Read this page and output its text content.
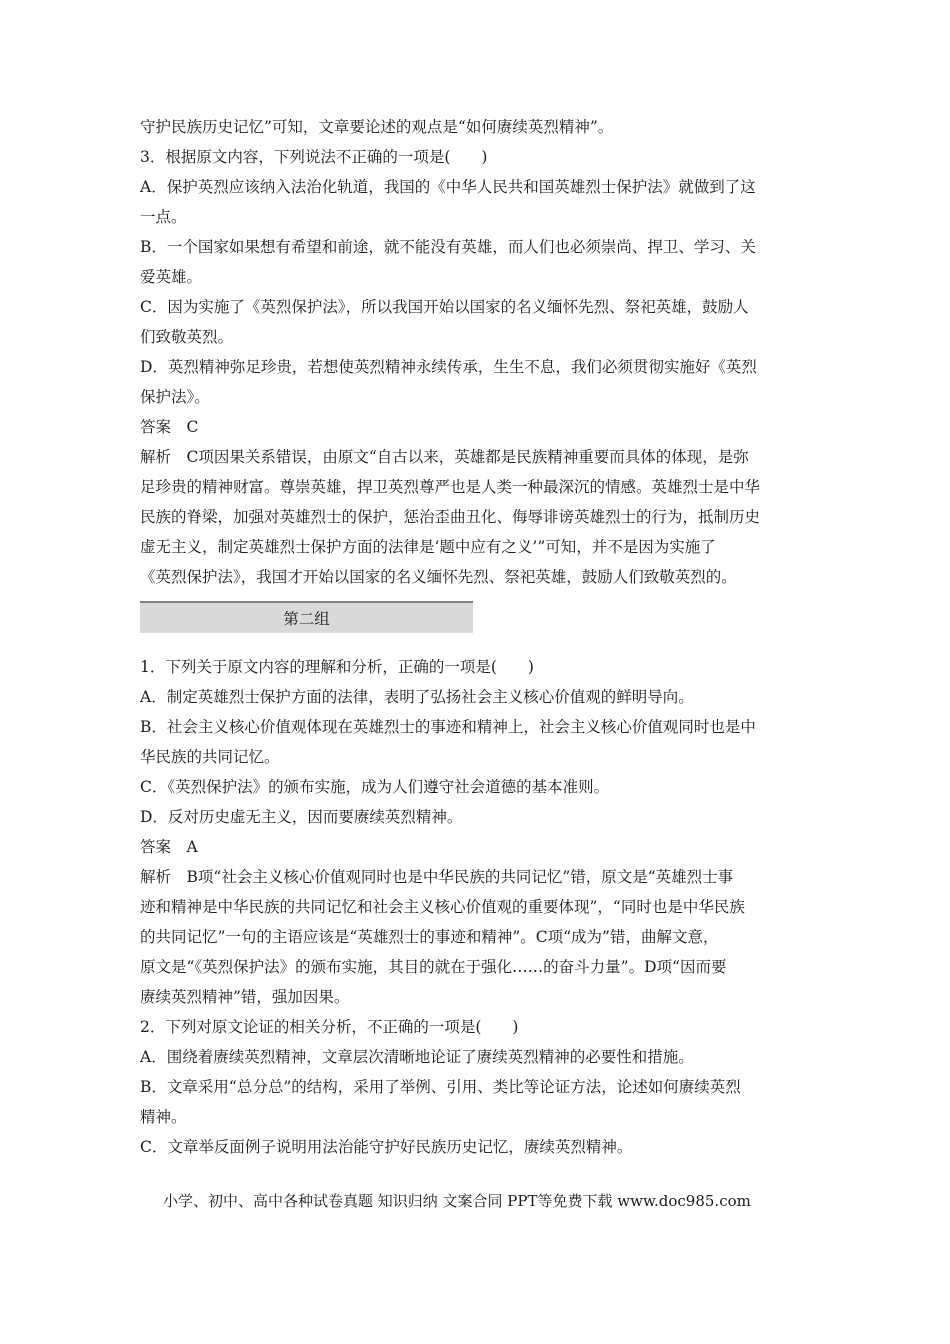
守护民族历史记忆”可知，文章要论述的观点是“如何赓续英烈精神”。
3．根据原文内容，下列说法不正确的一项是(　　)
A．保护英烈应该纳入法治化轨道，我国的《中华人民共和国英雄烈士保护法》就做到了这
一点。
B．一个国家如果想有希望和前途，就不能没有英雄，而人们也必须崇尚、捍卫、学习、关
爱英雄。
C．因为实施了《英烈保护法》，所以我国开始以国家的名义缅怀先烈、祭祀英雄，鼓励人
们致敬英烈。
D．英烈精神弥足珍贵，若想使英烈精神永续传承，生生不息，我们必须贯彻实施好《英烈
保护法》。
答案　C
解析　C项因果关系错误，由原文“自古以来，英雄都是民族精神重要而具体的体现，是弥
足珍贵的精神财富。尊崇英雄，捍卫英烈尊严也是人类一种最深沉的情感。英雄烈士是中华
民族的脊梁，加强对英雄烈士的保护，惩治歪曲丑化、侮辱诽谤英雄烈士的行为，抵制历史
虚无主义，制定英雄烈士保护方面的法律是‘题中应有之义’”可知，并不是因为实施了
《英烈保护法》，我国才开始以国家的名义缅怀先烈、祭祀英雄，鼓励人们致敬英烈的。
第二组
1．下列关于原文内容的理解和分析，正确的一项是(　　)
A．制定英雄烈士保护方面的法律，表明了弘扬社会主义核心价值观的鲜明导向。
B．社会主义核心价值观体现在英雄烈士的事迹和精神上，社会主义核心价值观同时也是中
华民族的共同记忆。
C．《英烈保护法》的颁布实施，成为人们遵守社会道德的基本准则。
D．反对历史虚无主义，因而要赓续英烈精神。
答案　A
解析　B项“社会主义核心价值观同时也是中华民族的共同记忆”错，原文是“英雄烈士事
迹和精神是中华民族的共同记忆和社会主义核心价值观的重要体现”，“同时也是中华民族
的共同记忆”一句的主语应该是“英雄烈士的事迹和精神”。C项“成为”错，曲解文意，
原文是“《英烈保护法》的颁布实施，其目的就在于强化……的奋斗力量”。D项“因而要
赓续英烈精神”错，强加因果。
2．下列对原文论证的相关分析，不正确的一项是(　　)
A．围绕着赓续英烈精神，文章层次清晰地论证了赓续英烈精神的必要性和措施。
B．文章采用“总分总”的结构，采用了举例、引用、类比等论证方法，论述如何赓续英烈
精神。
C．文章举反面例子说明用法治能守护好民族历史记忆，赓续英烈精神。
小学、初中、高中各种试卷真题 知识归纳 文案合同 PPT等免费下载 www.doc985.com
